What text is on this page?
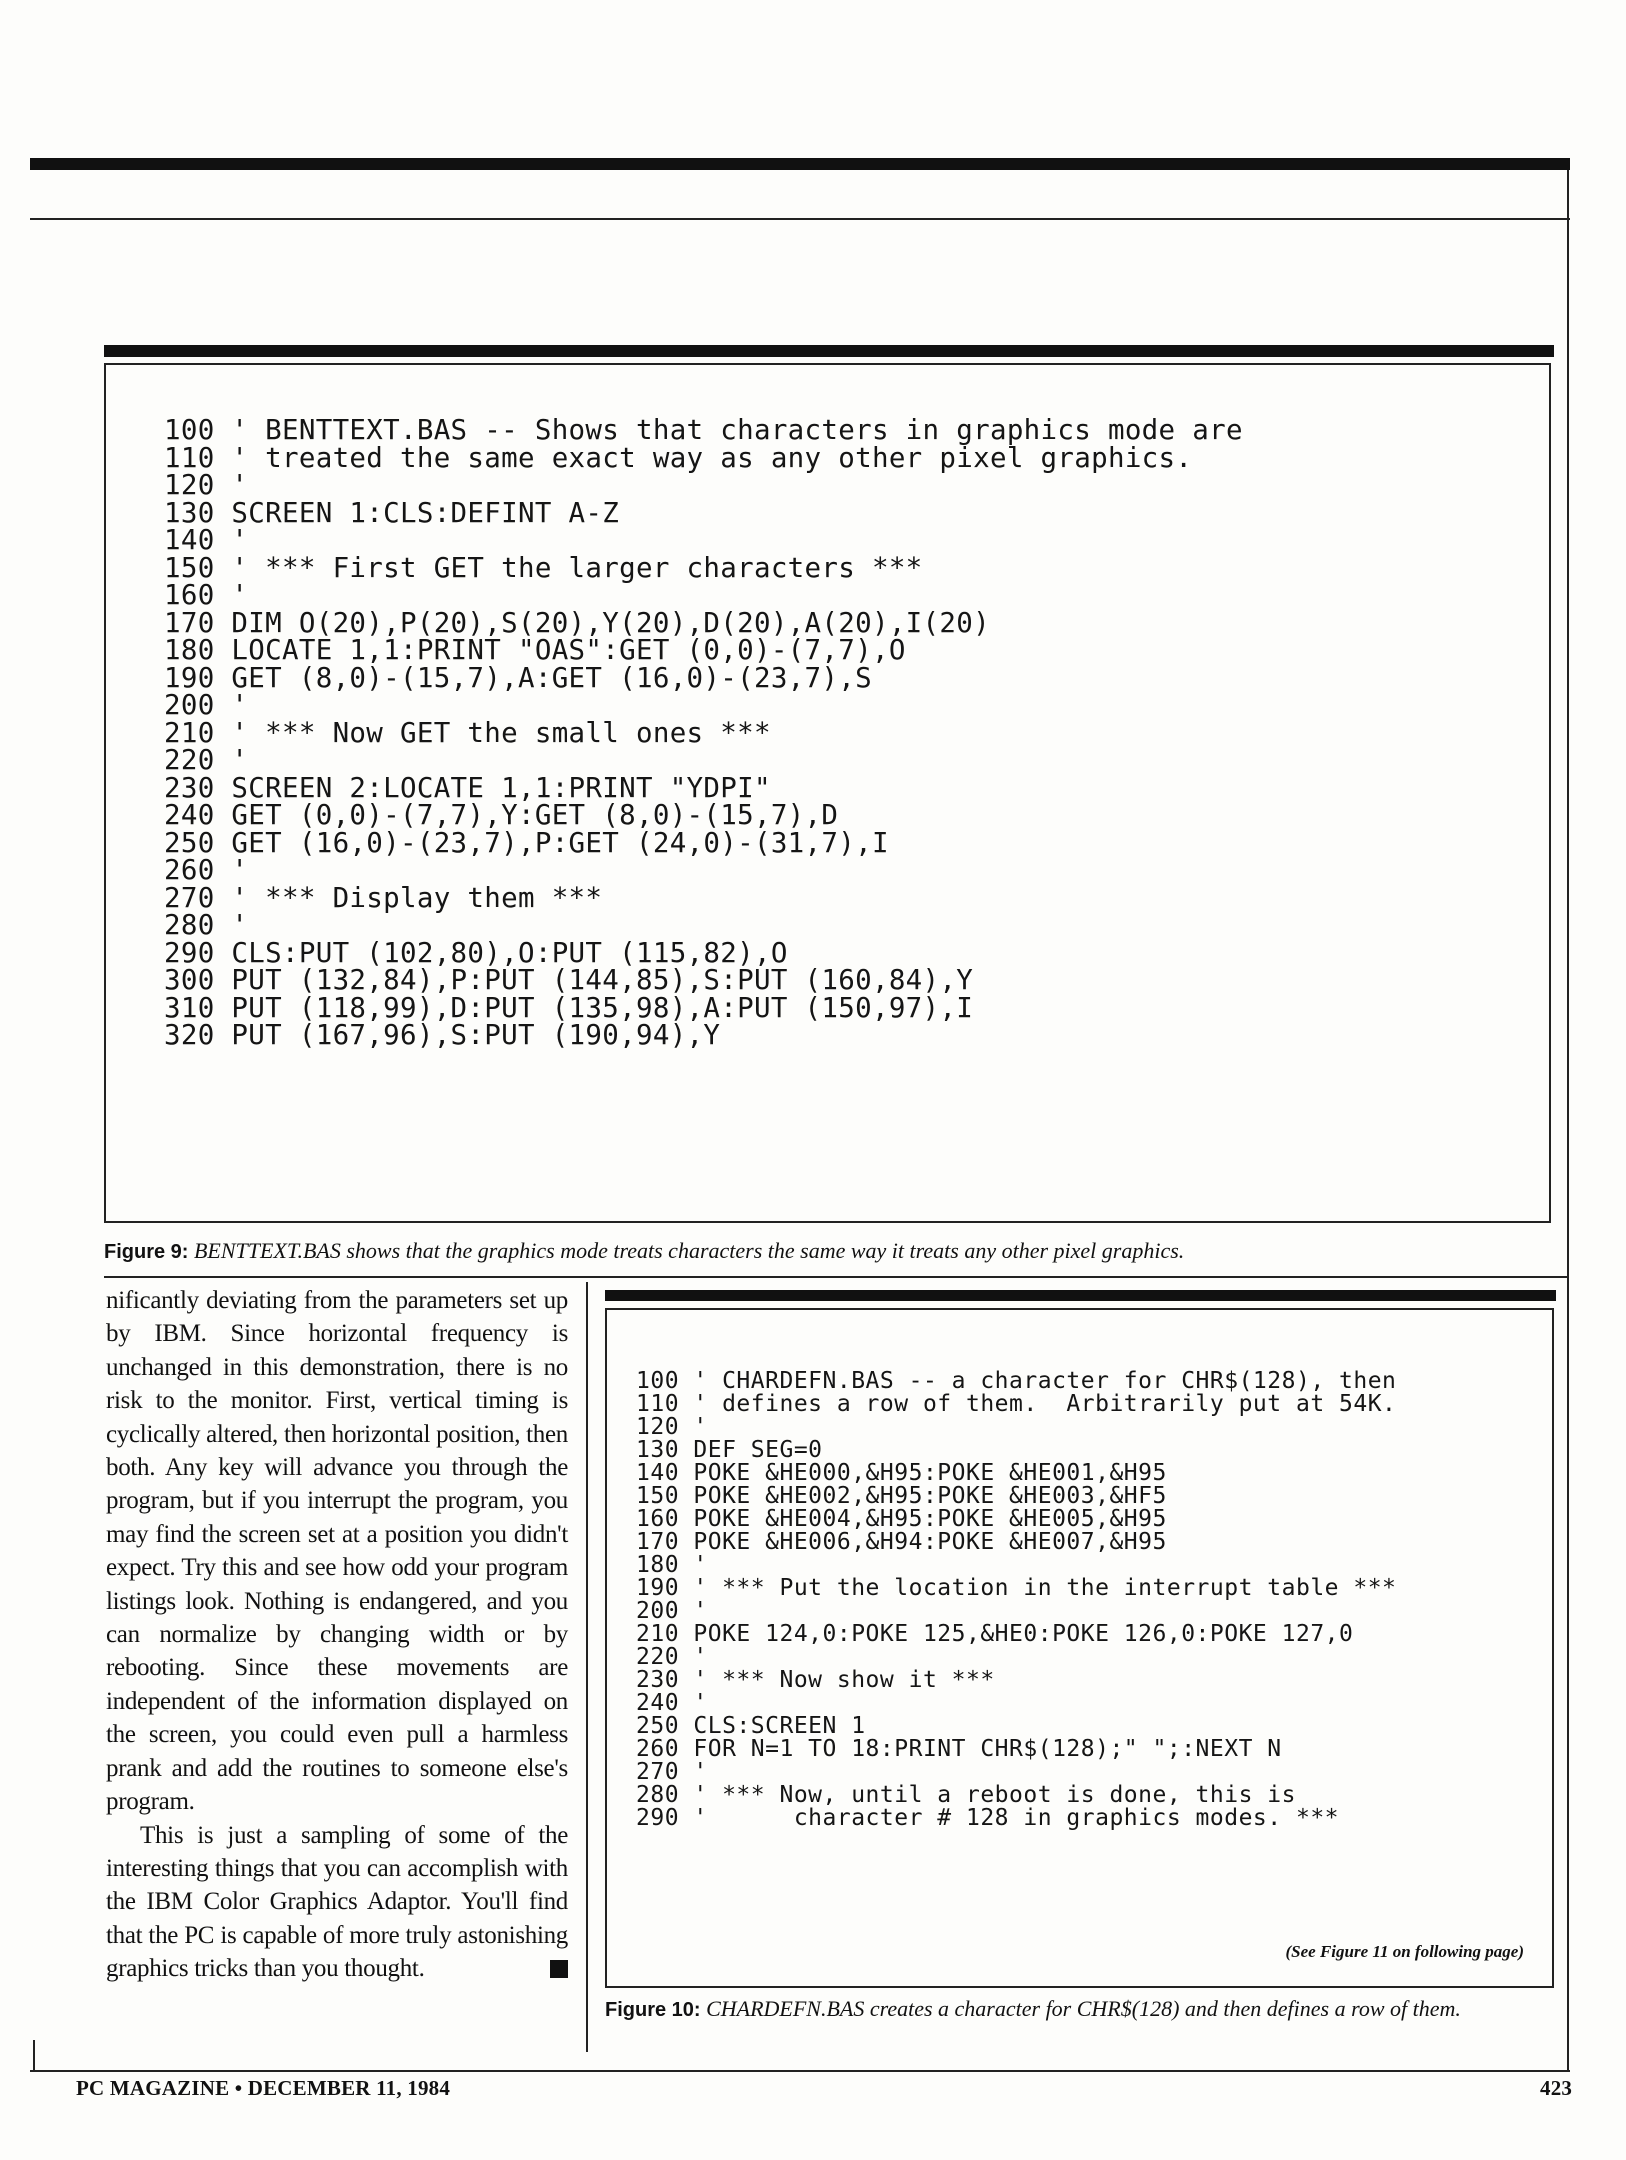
100 ' BENTTEXT.BAS -- Shows that characters in graphics mode are
110 ' treated the same exact way as any other pixel graphics.
120 '
130 SCREEN 1:CLS:DEFINT A-Z
140 '
150 ' *** First GET the larger characters ***
160 '
170 DIM O(20),P(20),S(20),Y(20),D(20),A(20),I(20)
180 LOCATE 1,1:PRINT "OAS":GET (0,0)-(7,7),O
190 GET (8,0)-(15,7),A:GET (16,0)-(23,7),S
200 '
210 ' *** Now GET the small ones ***
220 '
230 SCREEN 2:LOCATE 1,1:PRINT "YDPI"
240 GET (0,0)-(7,7),Y:GET (8,0)-(15,7),D
250 GET (16,0)-(23,7),P:GET (24,0)-(31,7),I
260 '
270 ' *** Display them ***
280 '
290 CLS:PUT (102,80),O:PUT (115,82),O
300 PUT (132,84),P:PUT (144,85),S:PUT (160,84),Y
310 PUT (118,99),D:PUT (135,98),A:PUT (150,97),I
320 PUT (167,96),S:PUT (190,94),Y
Figure 9: BENTTEXT.BAS shows that the graphics mode treats characters the same way it treats any other pixel graphics.

nificantly deviating from the parameters set up by IBM. Since horizontal frequency is unchanged in this demonstration, there is no risk to the monitor. First, vertical timing is cyclically altered, then horizontal position, then both. Any key will advance you through the program, but if you interrupt the program, you may find the screen set at a position you didn't expect. Try this and see how odd your program listings look. Nothing is endangered, and you can normalize by changing width or by rebooting. Since these movements are independent of the information displayed on the screen, you could even pull a harmless prank and add the routines to someone else's program.

This is just a sampling of some of the interesting things that you can accomplish with the IBM Color Graphics Adaptor. You'll find that the PC is capable of more truly astonishing graphics tricks than you thought.

100 ' CHARDEFN.BAS -- a character for CHR$(128), then
110 ' defines a row of them.  Arbitrarily put at 54K.
120 '
130 DEF SEG=0
140 POKE &HE000,&H95:POKE &HE001,&H95
150 POKE &HE002,&H95:POKE &HE003,&HF5
160 POKE &HE004,&H95:POKE &HE005,&H95
170 POKE &HE006,&H94:POKE &HE007,&H95
180 '
190 ' *** Put the location in the interrupt table ***
200 '
210 POKE 124,0:POKE 125,&HE0:POKE 126,0:POKE 127,0
220 '
230 ' *** Now show it ***
240 '
250 CLS:SCREEN 1
260 FOR N=1 TO 18:PRINT CHR$(128);" ";:NEXT N
270 '
280 ' *** Now, until a reboot is done, this is
290 '      character # 128 in graphics modes. ***
(See Figure 11 on following page)
Figure 10: CHARDEFN.BAS creates a character for CHR$(128) and then defines a row of them.
PC MAGAZINE • DECEMBER 11, 1984	423
